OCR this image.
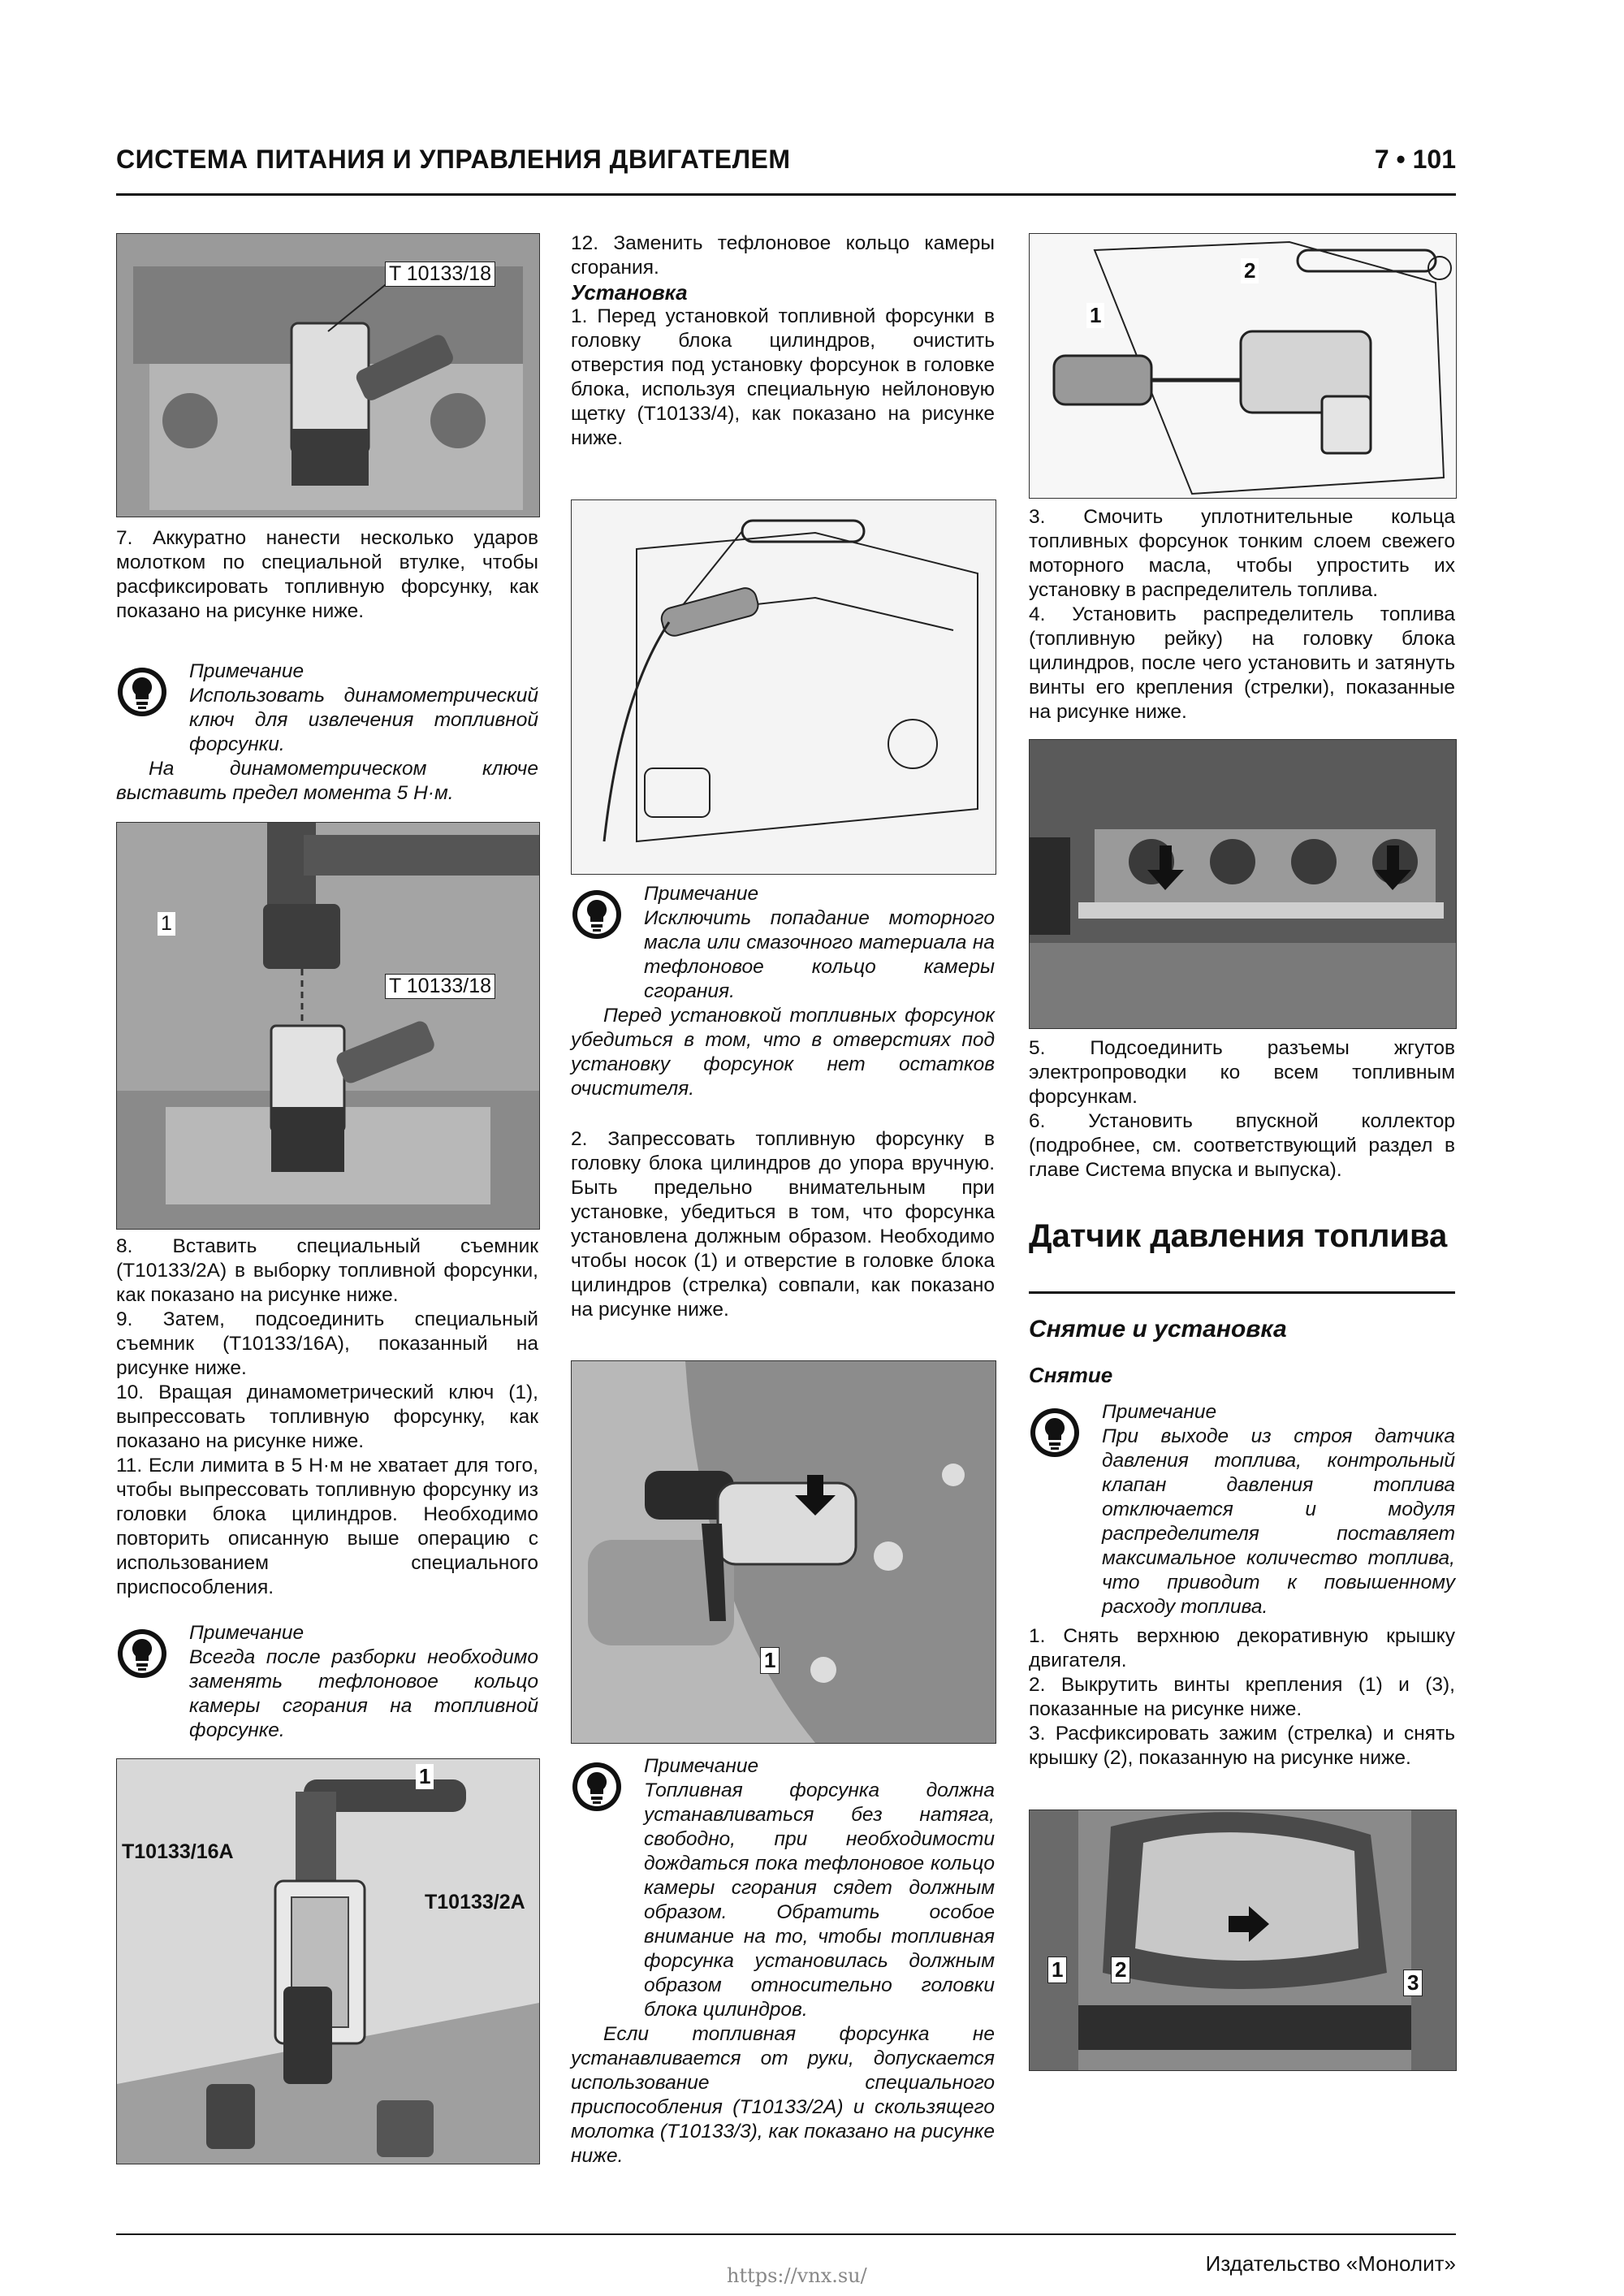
СИСТЕМА ПИТАНИЯ И УПРАВЛЕНИЯ ДВИГАТЕЛЕМ	7 • 101
T 10133/18

7. Аккуратно нанести несколько ударов молотком по специальной втулке, чтобы расфиксировать топливную форсунку, как показано на рисунке ниже.

Примечание

Использовать динамометрический ключ для извлечения топливной форсунки.

На динамометрическом ключе выставить предел момента 5 Н·м.

1
T 10133/18

8. Вставить специальный съемник (T10133/2A) в выборку топливной форсунки, как показано на рисунке ниже.

9. Затем, подсоединить специальный съемник (T10133/16A), показанный на рисунке ниже.

10. Вращая динамометрический ключ (1), выпрессовать топливную форсунку, как показано на рисунке ниже.

11. Если лимита в 5 Н·м не хватает для того, чтобы выпрессовать топливную форсунку из головки блока цилиндров. Необходимо повторить описанную выше операцию с использованием специального приспособления.

Примечание

Всегда после разборки необходимо заменять тефлоновое кольцо камеры сгорания на топливной форсунке.

1
T10133/16A
T10133/2A

12. Заменить тефлоновое кольцо камеры сгорания.

Установка

1. Перед установкой топливной форсунки в головку блока цилиндров, очистить отверстия под установку форсунок в головке блока, используя специальную нейлоновую щетку (T10133/4), как показано на рисунке ниже.

Примечание

Исключить попадание моторного масла или смазочного материала на тефлоновое кольцо камеры сгорания.

Перед установкой топливных форсунок убедиться в том, что в отверстиях под установку форсунок нет остатков очистителя.

2. Запрессовать топливную форсунку в головку блока цилиндров до упора вручную. Быть предельно внимательным при установке, убедиться в том, что форсунка установлена должным образом. Необходимо чтобы носок (1) и отверстие в головке блока цилиндров (стрелка) совпали, как показано на рисунке ниже.

1

Примечание

Топливная форсунка должна устанавливаться без натяга, свободно, при необходимости дождаться пока тефлоновое кольцо камеры сгорания сядет должным образом. Обратить особое внимание на то, чтобы топливная форсунка установилась должным образом относительно головки блока цилиндров.

Если топливная форсунка не устанавливается от руки, допускается использование специального приспособления (T10133/2A) и скользящего молотка (T10133/3), как показано на рисунке ниже.

1
2

3. Смочить уплотнительные кольца топливных форсунок тонким слоем свежего моторного масла, чтобы упростить их установку в распределитель топлива.

4. Установить распределитель топлива (топливную рейку) на головку блока цилиндров, после чего установить и затянуть винты его крепления (стрелки), показанные на рисунке ниже.

5. Подсоединить разъемы жгутов электропроводки ко всем топливным форсункам.

6. Установить впускной коллектор (подробнее, см. соответствующий раздел в главе Система впуска и выпуска).

Датчик давления топлива
Снятие и установка
Снятие

Примечание

При выходе из строя датчика давления топлива, контрольный клапан давления топлива отключается и модуля распределителя поставляет максимальное количество топлива, что приводит к повышенному расходу топлива.

1. Снять верхнюю декоративную крышку двигателя.

2. Выкрутить винты крепления (1) и (3), показанные на рисунке ниже.

3. Расфиксировать зажим (стрелка) и снять крышку (2), показанную на рисунке ниже.

1 2
3
Издательство «Монолит»
https://vnx.su/
